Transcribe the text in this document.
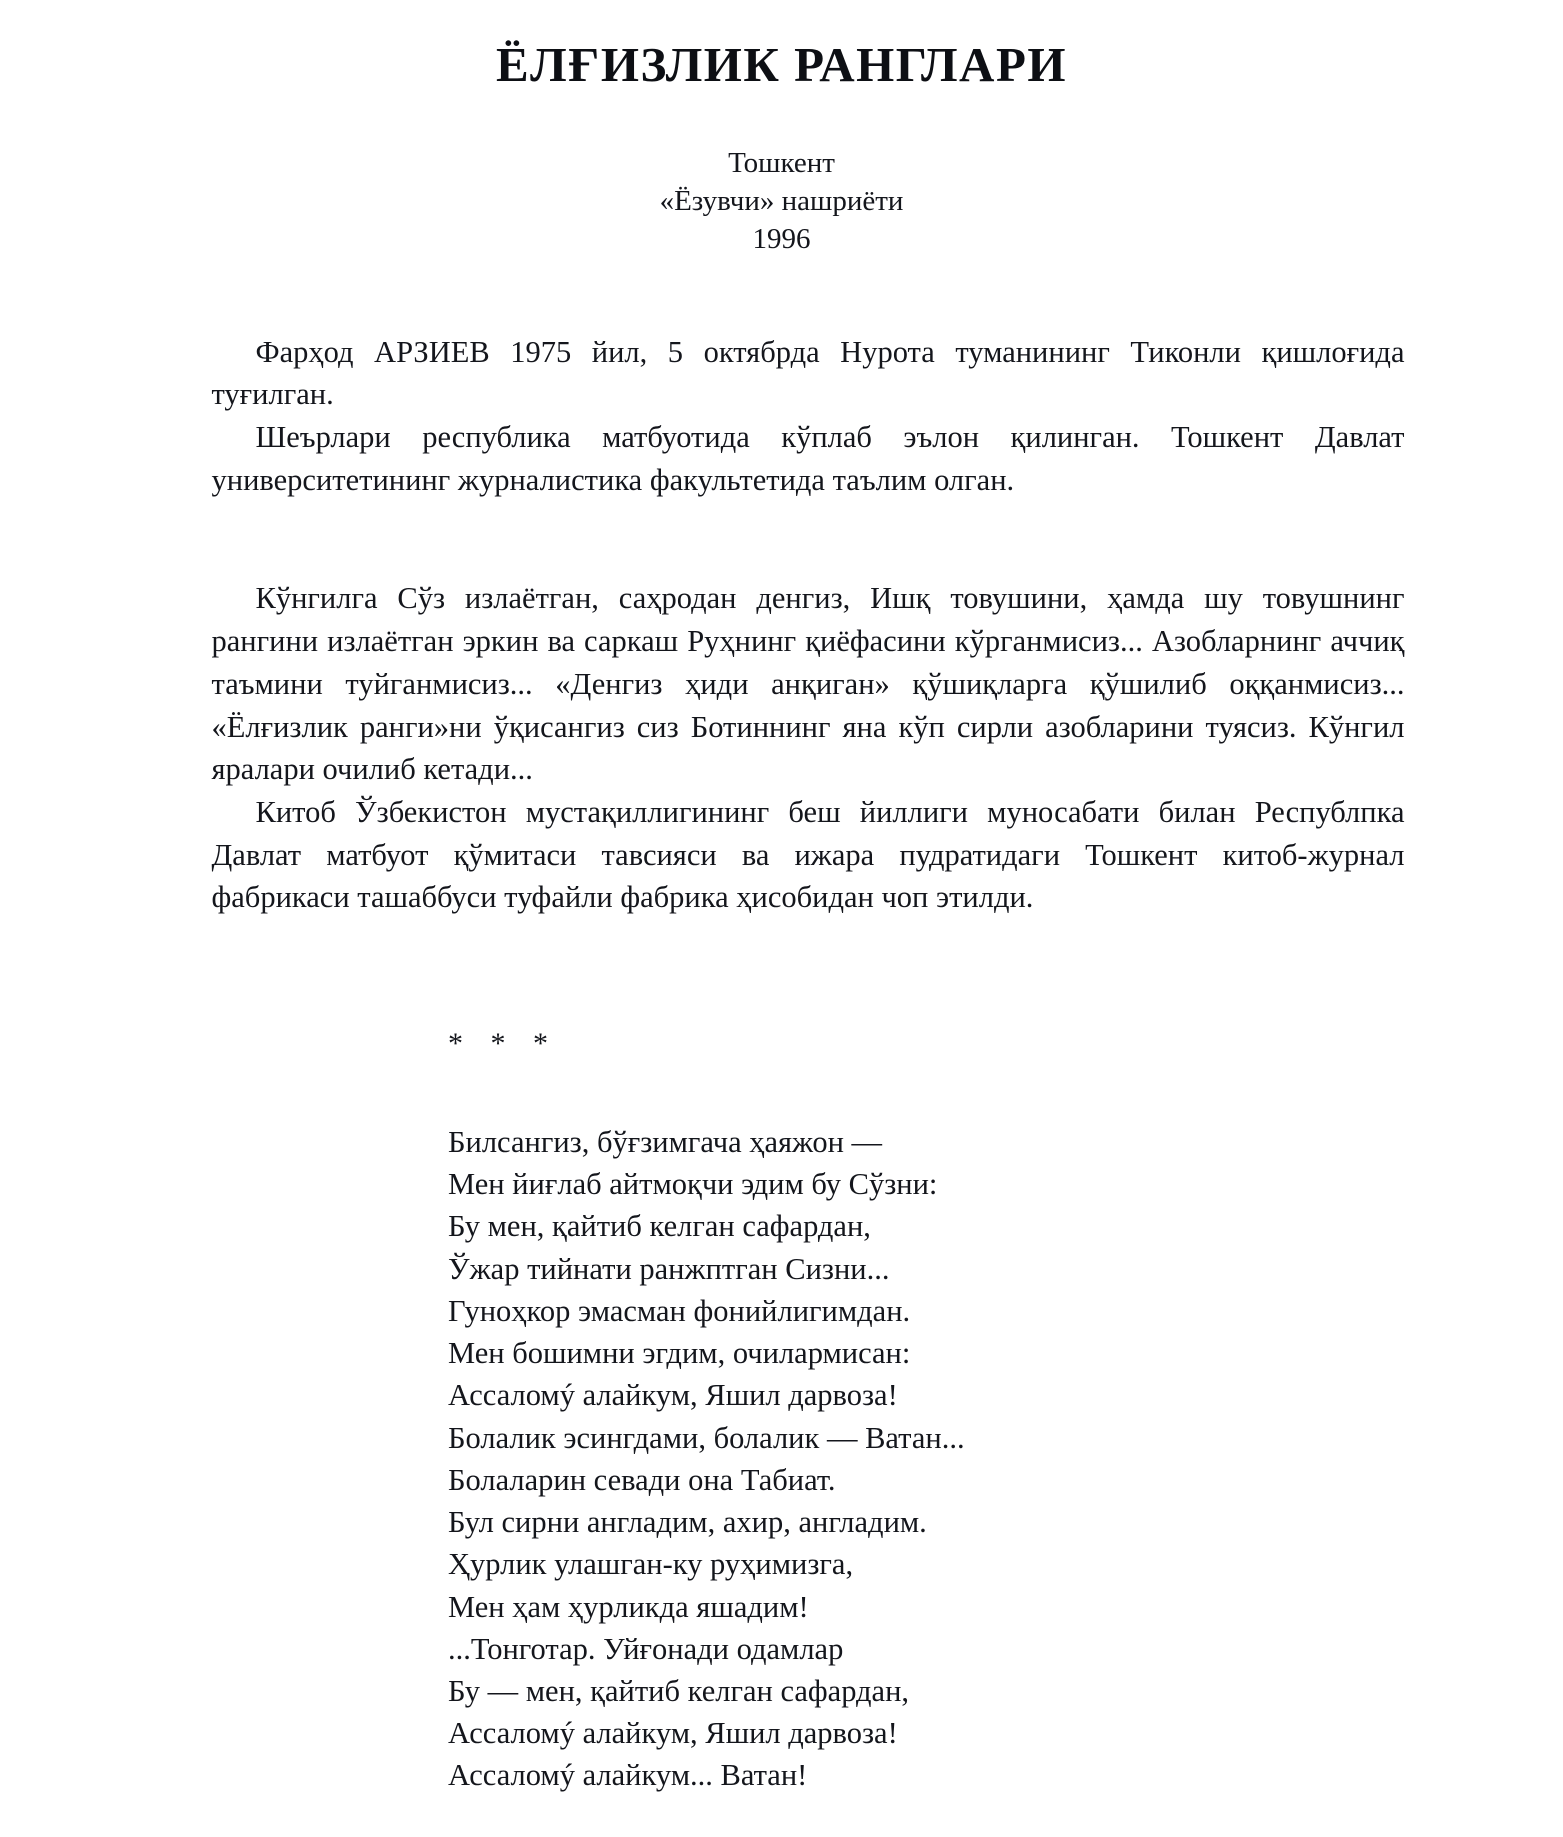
ЁЛҒИЗЛИК РАНГЛАРИ
Тошкент
«Ёзувчи» нашриёти
1996

Фарҳод АРЗИЕВ 1975 йил, 5 октябрда Нурота туманининг Тиконли қишлоғида туғилган.

Шеърлари республика матбуотида кўплаб эълон қилинган. Тошкент Давлат университетининг журналистика факультетида таълим олган.

Кўнгилга Сўз излаётган, саҳродан денгиз, Ишқ товушини, ҳамда шу товушнинг рангини излаётган эркин ва саркаш Руҳнинг қиёфасини кўрганмисиз... Азобларнинг аччиқ таъмини туйганмисиз... «Денгиз ҳиди анқиган» қўшиқларга қўшилиб оққанмисиз... «Ёлғизлик ранги»ни ўқисангиз сиз Ботиннинг яна кўп сирли азобларини туясиз. Кўнгил яралари очилиб кетади...

Китоб Ўзбекистон мустақиллигининг беш йиллиги муносабати билан Республпка Давлат матбуот қўмитаси тавсияси ва ижара пудратидаги Тошкент китоб-журнал фабрикаси ташаббуси туфайли фабрика ҳисобидан чоп этилди.

* * *

Билсангиз, бўғзимгача ҳаяжон —

Мен йиғлаб айтмоқчи эдим бу Сўзни:

Бу мен, қайтиб келган сафардан,

Ўжар тийнати ранжптган Сизни...

Гуноҳкор эмасман фонийлигимдан.

Мен бошимни эгдим, очилармисан:

Ассаломý алайкум, Яшил дарвоза!

Болалик эсингдами, болалик — Ватан...

Болаларин севади она Табиат.

Бул сирни англадим, ахир, англадим.

Ҳурлик улашган-ку руҳимизга,

Мен ҳам ҳурликда яшадим!

...Тонготар. Уйғонади одамлар

Бу — мен, қайтиб келган сафардан,

Ассаломý алайкум, Яшил дарвоза!

Ассаломý алайкум... Ватан!
